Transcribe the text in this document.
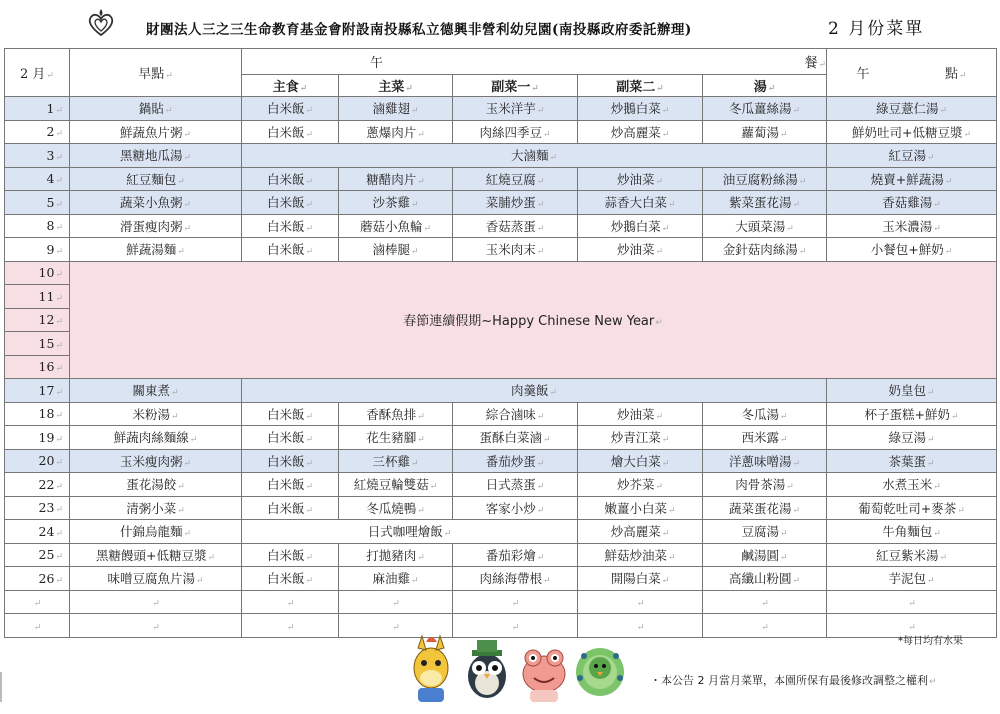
財團法人三之三生命教育基金會附設南投縣私立德興非營利幼兒園(南投縣政府委託辦理)	2 月份菜單
2 月↵	早點↵	午 餐↵					午 點↵

		主食↵	主菜↵	副菜一↵	副菜二↵	湯↵	
1↵	鍋貼↵	白米飯↵	滷雞翅↵	玉米洋芋↵	炒鵝白菜↵	冬瓜薑絲湯↵	綠豆薏仁湯↵
2↵	鮮蔬魚片粥↵	白米飯↵	蔥爆肉片↵	肉絲四季豆↵	炒高麗菜↵	蘿蔔湯↵	鮮奶吐司+低糖豆漿↵
3↵	黑糖地瓜湯↵	大滷麵↵					紅豆湯↵
4↵	紅豆麵包↵	白米飯↵	糖醋肉片↵	紅燒豆腐↵	炒油菜↵	油豆腐粉絲湯↵	燒賣+鮮蔬湯↵
5↵	蔬菜小魚粥↵	白米飯↵	沙茶雞↵	菜脯炒蛋↵	蒜香大白菜↵	紫菜蛋花湯↵	香菇雞湯↵
8↵	滑蛋瘦肉粥↵	白米飯↵	蘑菇小魚輪↵	香菇蒸蛋↵	炒鵝白菜↵	大頭菜湯↵	玉米濃湯↵
9↵	鮮蔬湯麵↵	白米飯↵	滷棒腿↵	玉米肉末↵	炒油菜↵	金針菇肉絲湯↵	小餐包+鮮奶↵
10↵	春節連續假期~Happy Chinese New Year↵						
11↵							
12↵							
15↵							
16↵							
17↵	關東煮↵	肉羹飯↵					奶皇包↵
18↵	米粉湯↵	白米飯↵	香酥魚排↵	綜合滷味↵	炒油菜↵	冬瓜湯↵	杯子蛋糕+鮮奶↵
19↵	鮮蔬肉絲麵線↵	白米飯↵	花生豬腳↵	蛋酥白菜滷↵	炒青江菜↵	西米露↵	綠豆湯↵
20↵	玉米瘦肉粥↵	白米飯↵	三杯雞↵	番茄炒蛋↵	燴大白菜↵	洋蔥味噌湯↵	茶葉蛋↵
22↵	蛋花湯餃↵	白米飯↵	紅燒豆輪雙菇↵	日式蒸蛋↵	炒芥菜↵	肉骨茶湯↵	水煮玉米↵
23↵	清粥小菜↵	白米飯↵	冬瓜燒鴨↵	客家小炒↵	嫩薑小白菜↵	蔬菜蛋花湯↵	葡萄乾吐司+麥茶↵
24↵	什錦烏龍麵↵	日式咖哩燴飯↵			炒高麗菜↵	豆腐湯↵	牛角麵包↵
25↵	黑糖饅頭+低糖豆漿↵	白米飯↵	打拋豬肉↵	番茄彩燴↵	鮮菇炒油菜↵	鹹湯圓↵	紅豆紫米湯↵
26↵	味噌豆腐魚片湯↵	白米飯↵	麻油雞↵	肉絲海帶根↵	開陽白菜↵	高纖山粉圓↵	芋泥包↵
↵	↵	↵	↵	↵	↵	↵	↵
↵	↵	↵	↵	↵	↵	↵	↵
*每日均有水果
・本公告 2 月當月菜單，本園所保有最後修改調整之權利↵
